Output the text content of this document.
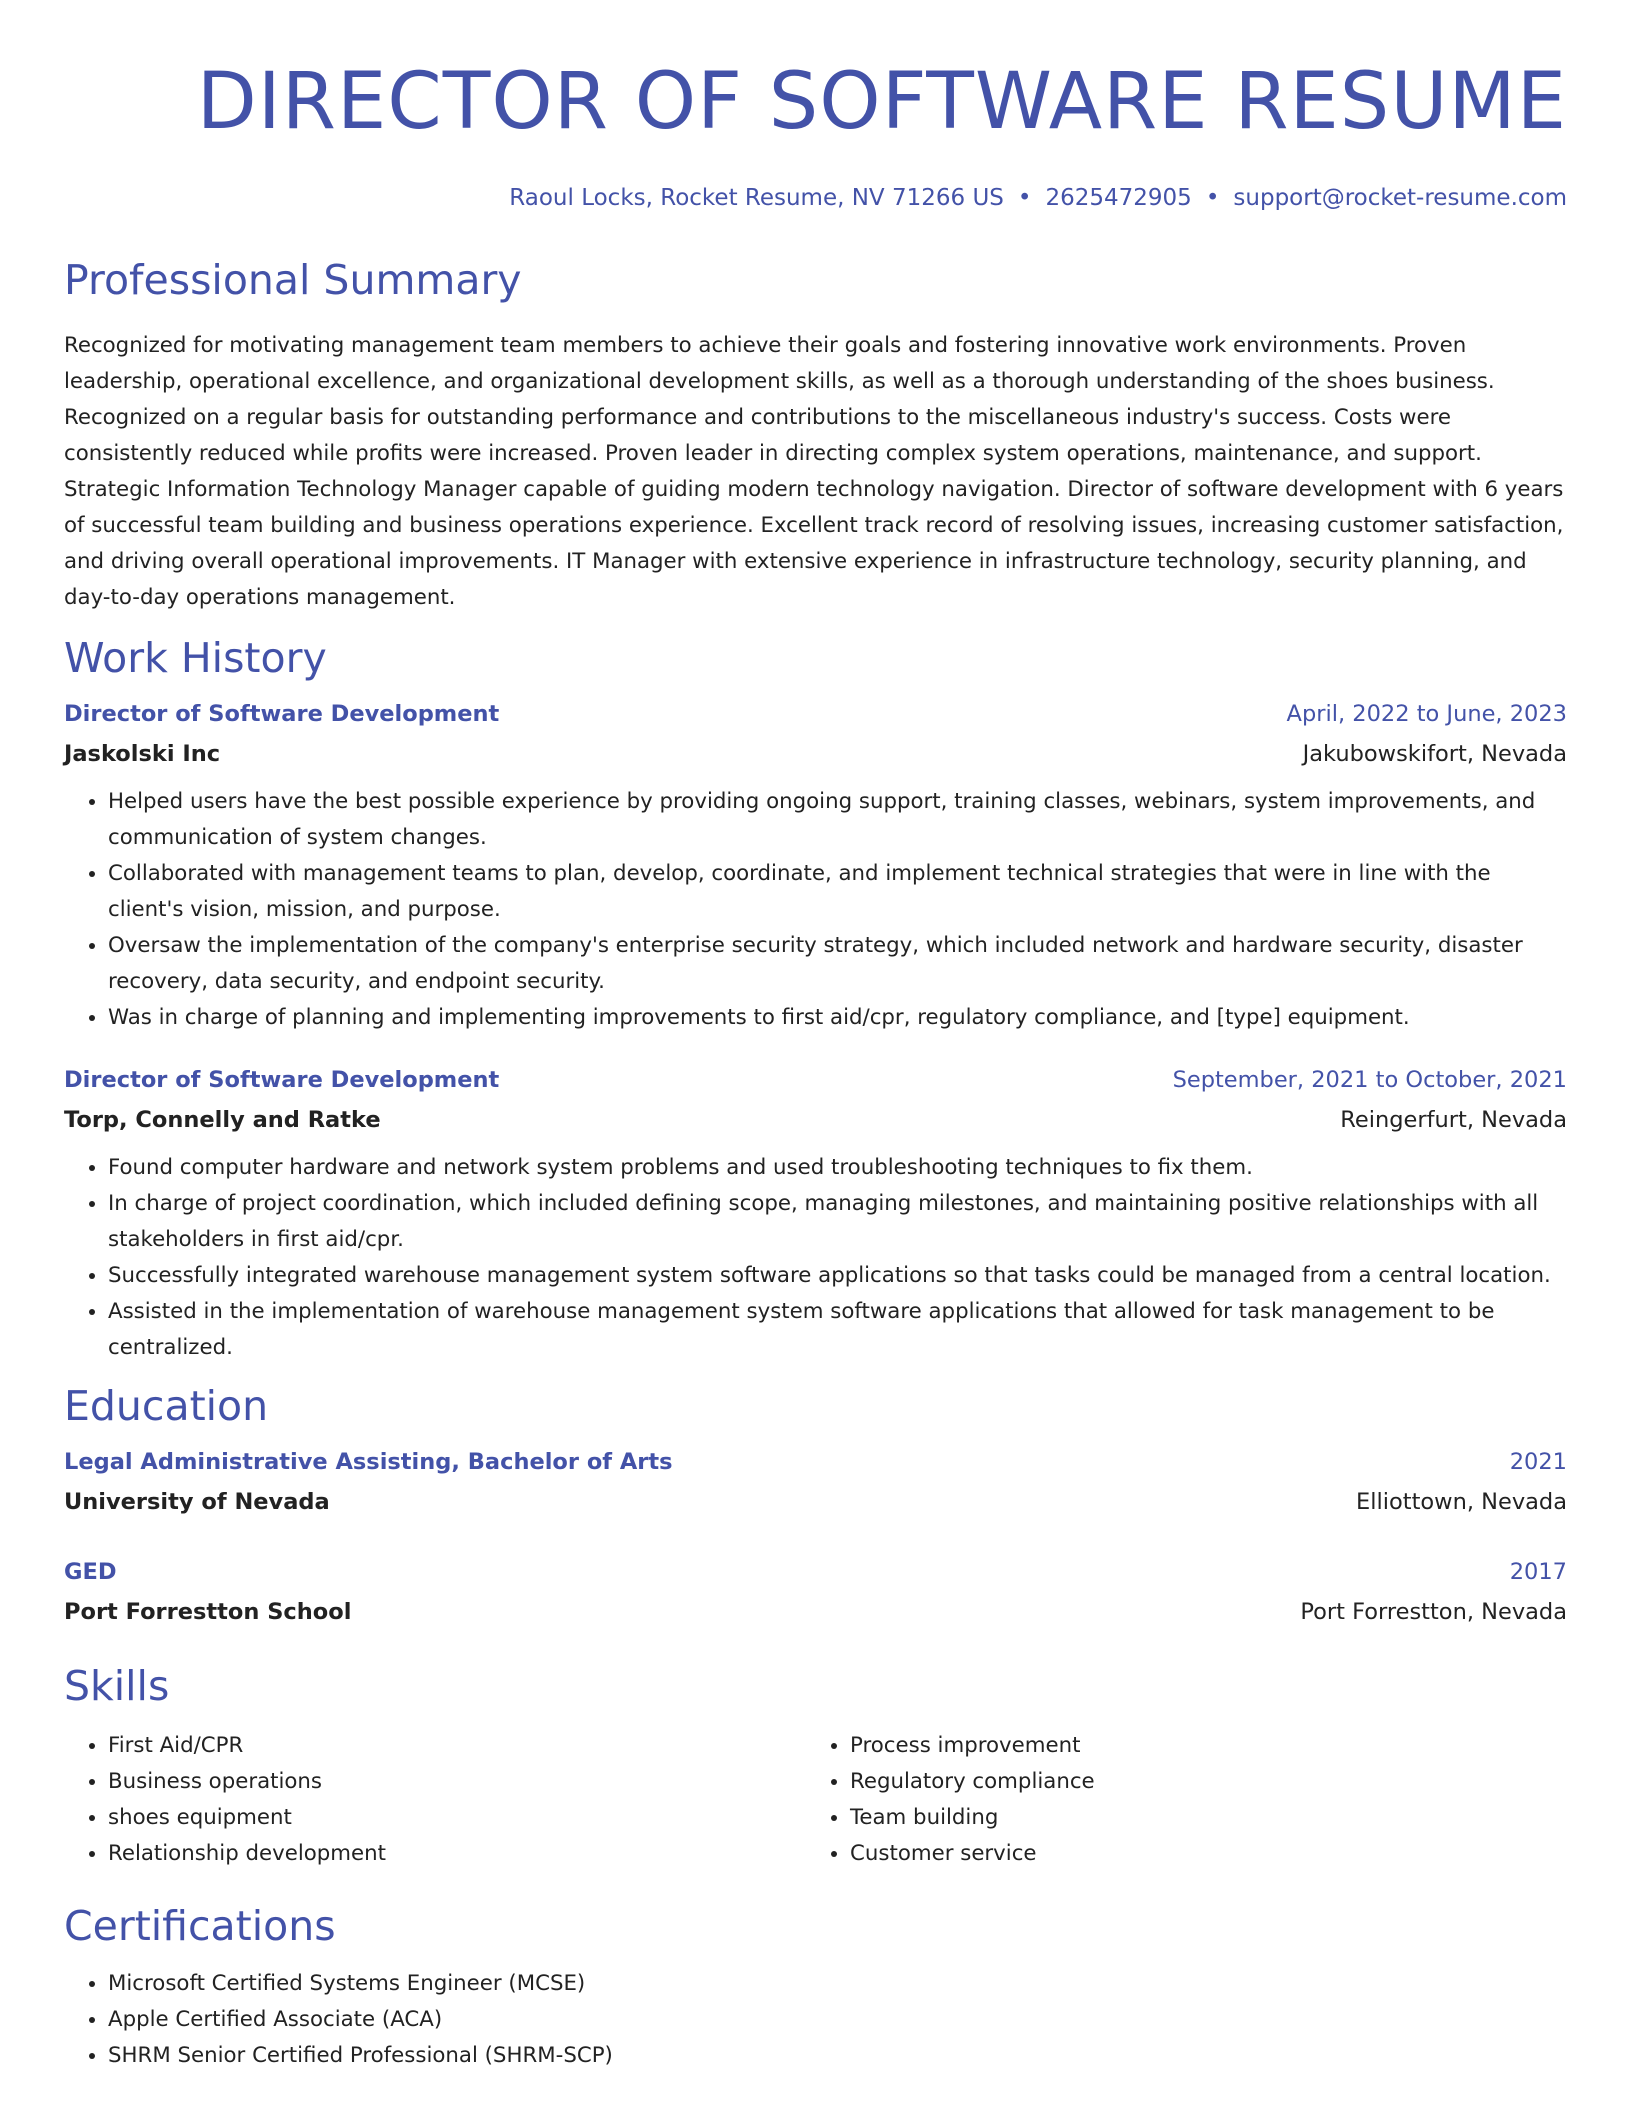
DIRECTOR OF SOFTWARE RESUME
Raoul Locks, Rocket Resume, NV 71266 US • 2625472905 • support@rocket-resume.com
Professional Summary

Recognized for motivating management team members to achieve their goals and fostering innovative work environments. Proven leadership, operational excellence, and organizational development skills, as well as a thorough understanding of the shoes business. Recognized on a regular basis for outstanding performance and contributions to the miscellaneous industry's success. Costs were consistently reduced while profits were increased. Proven leader in directing complex system operations, maintenance, and support. Strategic Information Technology Manager capable of guiding modern technology navigation. Director of software development with 6 years of successful team building and business operations experience. Excellent track record of resolving issues, increasing customer satisfaction, and driving overall operational improvements. IT Manager with extensive experience in infrastructure technology, security planning, and day-to-day operations management.

Work History
Director of Software Development	April, 2022 to June, 2023
Jaskolski Inc	Jakubowskifort, Nevada
• Helped users have the best possible experience by providing ongoing support, training classes, webinars, system improvements, and communication of system changes.
• Collaborated with management teams to plan, develop, coordinate, and implement technical strategies that were in line with the client's vision, mission, and purpose.
• Oversaw the implementation of the company's enterprise security strategy, which included network and hardware security, disaster recovery, data security, and endpoint security.
• Was in charge of planning and implementing improvements to first aid/cpr, regulatory compliance, and [type] equipment.
Director of Software Development	September, 2021 to October, 2021
Torp, Connelly and Ratke	Reingerfurt, Nevada
• Found computer hardware and network system problems and used troubleshooting techniques to fix them.
• In charge of project coordination, which included defining scope, managing milestones, and maintaining positive relationships with all stakeholders in first aid/cpr.
• Successfully integrated warehouse management system software applications so that tasks could be managed from a central location.
• Assisted in the implementation of warehouse management system software applications that allowed for task management to be centralized.
Education
Legal Administrative Assisting, Bachelor of Arts	2021
University of Nevada	Elliottown, Nevada
GED	2017
Port Forrestton School	Port Forrestton, Nevada
Skills
• First Aid/CPR
• Business operations
• shoes equipment
• Relationship development
• Process improvement
• Regulatory compliance
• Team building
• Customer service
Certifications
• Microsoft Certified Systems Engineer (MCSE)
• Apple Certified Associate (ACA)
• SHRM Senior Certified Professional (SHRM-SCP)
